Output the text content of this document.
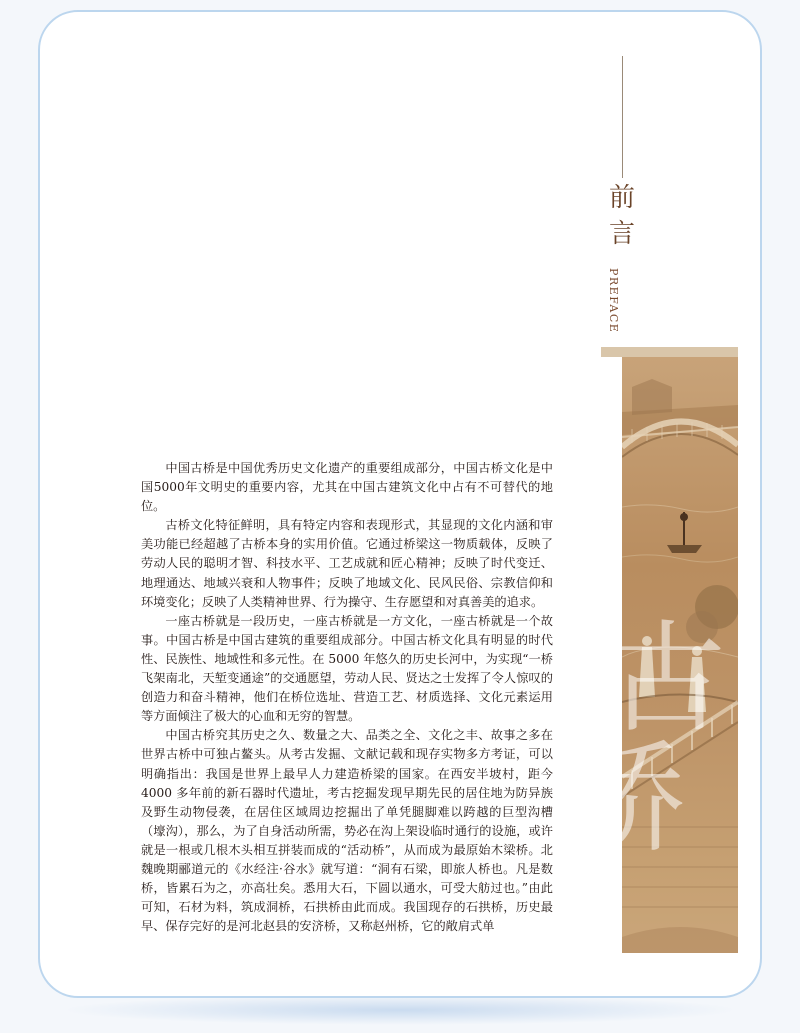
前
言
PREFACE
古
桥

中国古桥是中国优秀历史文化遗产的重要组成部分，中国古桥文化是中国5000年文明史的重要内容，尤其在中国古建筑文化中占有不可替代的地位。

古桥文化特征鲜明，具有特定内容和表现形式，其显现的文化内涵和审美功能已经超越了古桥本身的实用价值。它通过桥梁这一物质载体，反映了劳动人民的聪明才智、科技水平、工艺成就和匠心精神；反映了时代变迁、地理通达、地域兴衰和人物事件；反映了地域文化、民风民俗、宗教信仰和环境变化；反映了人类精神世界、行为操守、生存愿望和对真善美的追求。

一座古桥就是一段历史，一座古桥就是一方文化，一座古桥就是一个故事。中国古桥是中国古建筑的重要组成部分。中国古桥文化具有明显的时代性、民族性、地域性和多元性。在 5000 年悠久的历史长河中，为实现“一桥飞架南北，天堑变通途”的交通愿望，劳动人民、贤达之士发挥了令人惊叹的创造力和奋斗精神，他们在桥位选址、营造工艺、材质选择、文化元素运用等方面倾注了极大的心血和无穷的智慧。

中国古桥究其历史之久、数量之大、品类之全、文化之丰、故事之多在世界古桥中可独占鳌头。从考古发掘、文献记载和现存实物多方考证，可以明确指出：我国是世界上最早人力建造桥梁的国家。在西安半坡村，距今 4000 多年前的新石器时代遗址，考古挖掘发现早期先民的居住地为防异族及野生动物侵袭，在居住区域周边挖掘出了单凭腿脚难以跨越的巨型沟槽（壕沟），那么，为了自身活动所需，势必在沟上架设临时通行的设施，或许就是一根或几根木头相互拼装而成的“活动桥”，从而成为最原始木梁桥。北魏晚期郦道元的《水经注·谷水》就写道：“洞有石梁，即旅人桥也。凡是数桥，皆累石为之，亦高壮矣。悉用大石，下圆以通水，可受大舫过也。”由此可知，石材为料，筑成洞桥，石拱桥由此而成。我国现存的石拱桥，历史最早、保存完好的是河北赵县的安济桥，又称赵州桥，它的敞肩式单
